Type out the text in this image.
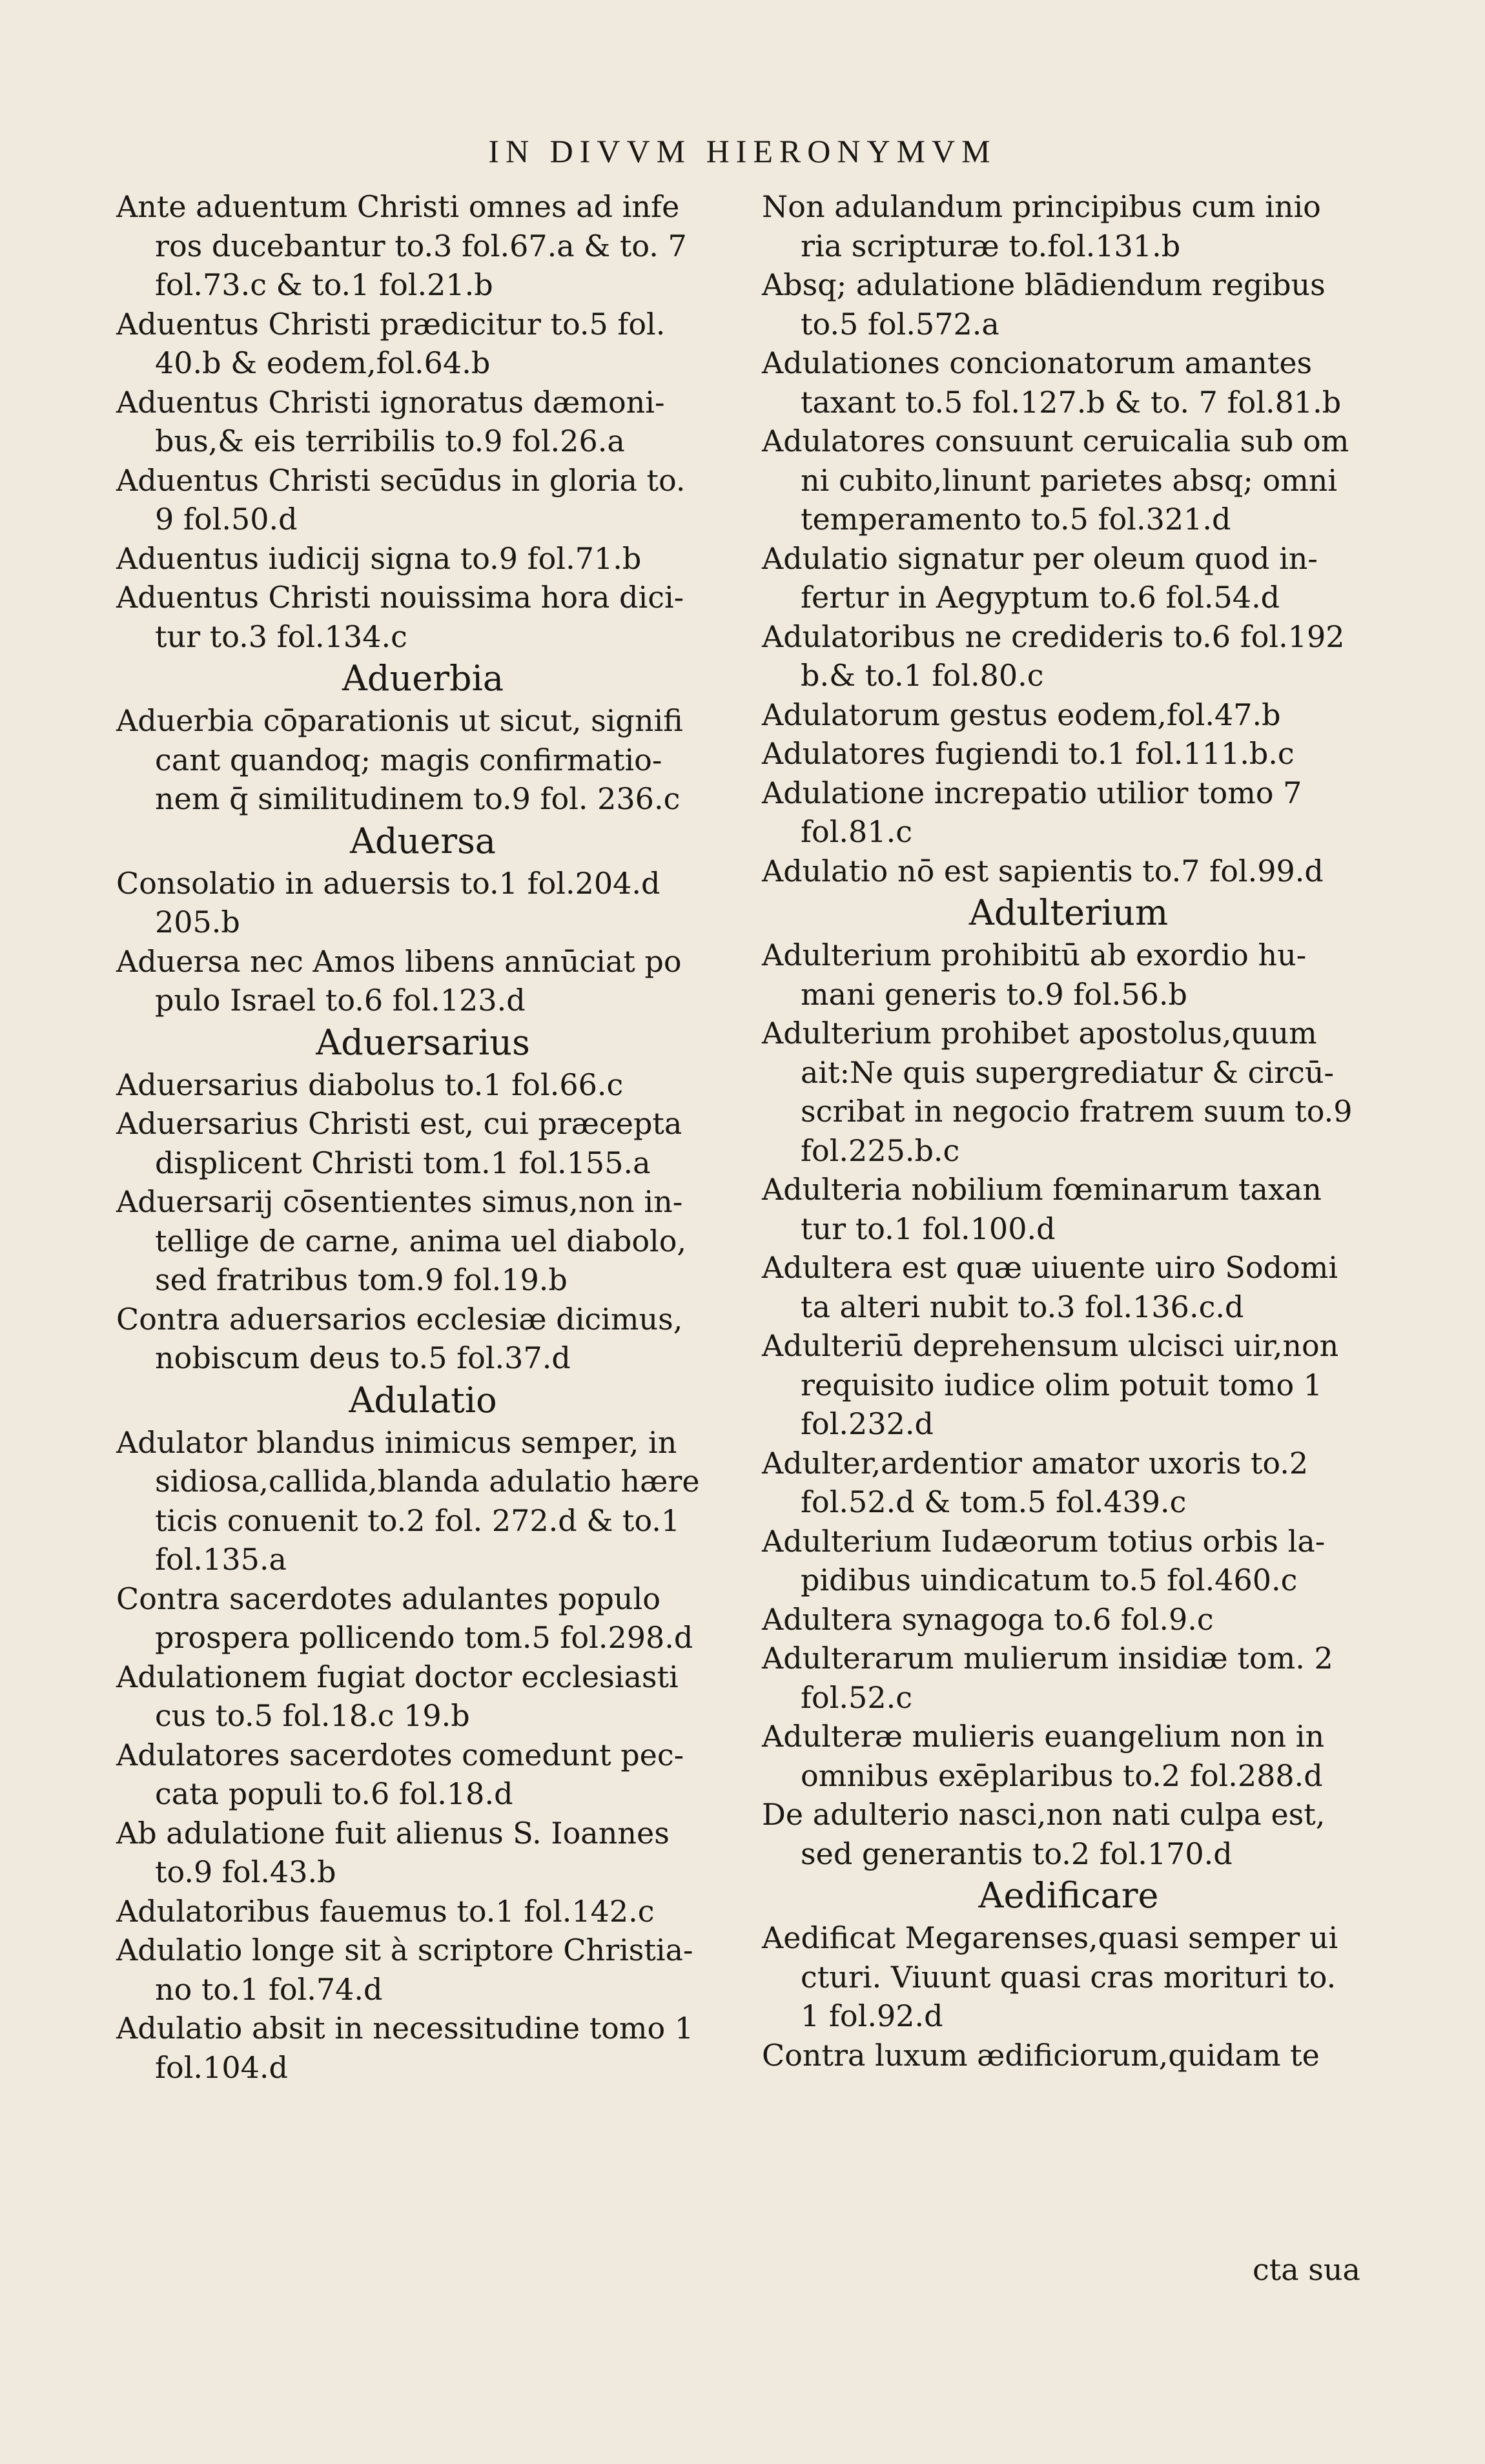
IN DIVVM HIERONYMVM

Ante aduentum Christi omnes ad infe

ros ducebantur to.3 fol.67.a & to. 7
fol.73.c & to.1 fol.21.b

Aduentus Christi prædicitur to.5 fol.

40.b & eodem,fol.64.b

Aduentus Christi ignoratus dæmoni-

bus,& eis terribilis to.9 fol.26.a

Aduentus Christi secūdus in gloria to.

9 fol.50.d

Aduentus iudicij signa to.9 fol.71.b

Aduentus Christi nouissima hora dici-

tur to.3 fol.134.c

Aduerbia

Aduerbia cōparationis ut sicut, signifi

cant quandoq; magis confirmatio-
nem q̄ similitudinem to.9 fol. 236.c

Aduersa

Consolatio in aduersis to.1 fol.204.d

205.b

Aduersa nec Amos libens annūciat po

pulo Israel to.6 fol.123.d

Aduersarius

Aduersarius diabolus to.1 fol.66.c

Aduersarius Christi est, cui præcepta

displicent Christi tom.1 fol.155.a

Aduersarij cōsentientes simus,non in-

tellige de carne, anima uel diabolo,
sed fratribus tom.9 fol.19.b

Contra aduersarios ecclesiæ dicimus,

nobiscum deus to.5 fol.37.d

Adulatio

Adulator blandus inimicus semper, in

sidiosa,callida,blanda adulatio hære
ticis conuenit to.2 fol. 272.d & to.1
fol.135.a

Contra sacerdotes adulantes populo

prospera pollicendo tom.5 fol.298.d

Adulationem fugiat doctor ecclesiasti

cus to.5 fol.18.c 19.b

Adulatores sacerdotes comedunt pec-

cata populi to.6 fol.18.d

Ab adulatione fuit alienus S. Ioannes

to.9 fol.43.b

Adulatoribus fauemus to.1 fol.142.c

Adulatio longe sit à scriptore Christia-

no to.1 fol.74.d

Adulatio absit in necessitudine tomo 1

fol.104.d

Non adulandum principibus cum inio

ria scripturæ to.fol.131.b

Absq; adulatione blādiendum regibus

to.5 fol.572.a

Adulationes concionatorum amantes

taxant to.5 fol.127.b & to. 7 fol.81.b

Adulatores consuunt ceruicalia sub om

ni cubito,linunt parietes absq; omni
temperamento to.5 fol.321.d

Adulatio signatur per oleum quod in-

fertur in Aegyptum to.6 fol.54.d

Adulatoribus ne credideris to.6 fol.192

b.& to.1 fol.80.c

Adulatorum gestus eodem,fol.47.b

Adulatores fugiendi to.1 fol.111.b.c

Adulatione increpatio utilior tomo 7

fol.81.c

Adulatio nō est sapientis to.7 fol.99.d

Adulterium

Adulterium prohibitū ab exordio hu-

mani generis to.9 fol.56.b

Adulterium prohibet apostolus,quum

ait:Ne quis supergrediatur & circū-
scribat in negocio fratrem suum to.9
fol.225.b.c

Adulteria nobilium fœminarum taxan

tur to.1 fol.100.d

Adultera est quæ uiuente uiro Sodomi

ta alteri nubit to.3 fol.136.c.d

Adulteriū deprehensum ulcisci uir,non

requisito iudice olim potuit tomo 1
fol.232.d

Adulter,ardentior amator uxoris to.2

fol.52.d & tom.5 fol.439.c

Adulterium Iudæorum totius orbis la-

pidibus uindicatum to.5 fol.460.c

Adultera synagoga to.6 fol.9.c

Adulterarum mulierum insidiæ tom. 2

fol.52.c

Adulteræ mulieris euangelium non in

omnibus exēplaribus to.2 fol.288.d

De adulterio nasci,non nati culpa est,

sed generantis to.2 fol.170.d

Aedificare

Aedificat Megarenses,quasi semper ui

cturi. Viuunt quasi cras morituri to.
1 fol.92.d

Contra luxum ædificiorum,quidam te

cta sua
